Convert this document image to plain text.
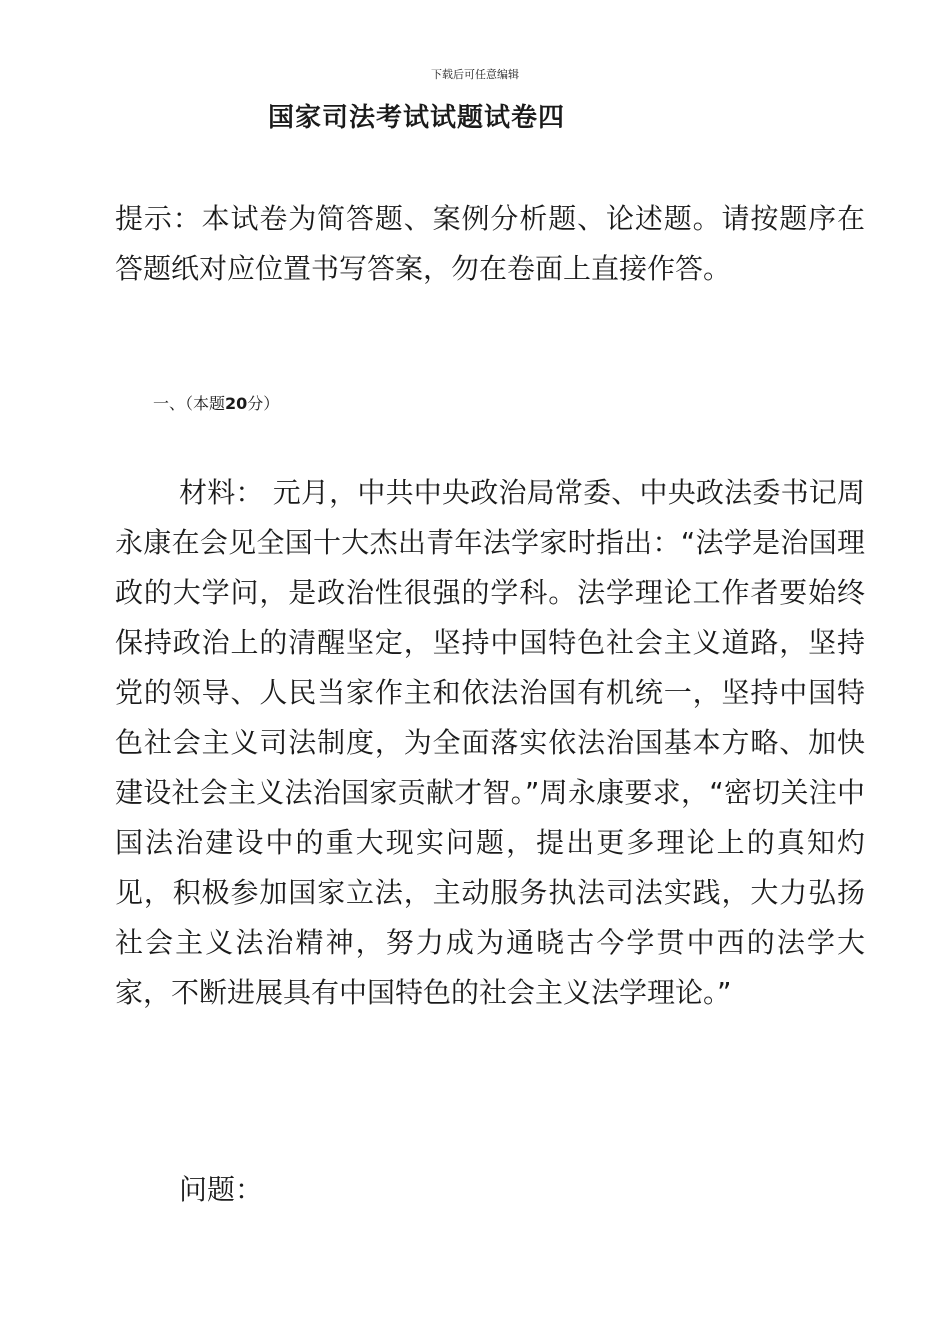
下载后可任意编辑
国家司法考试试题试卷四
提示：本试卷为简答题、案例分析题、论述题。请按题序在答题纸对应位置书写答案，勿在卷面上直接作答。
一、（本题20分）
材料： 元月，中共中央政治局常委、中央政法委书记周永康在会见全国十大杰出青年法学家时指出：“法学是治国理政的大学问，是政治性很强的学科。法学理论工作者要始终保持政治上的清醒坚定，坚持中国特色社会主义道路，坚持党的领导、人民当家作主和依法治国有机统一，坚持中国特色社会主义司法制度，为全面落实依法治国基本方略、加快建设社会主义法治国家贡献才智。”周永康要求，“密切关注中国法治建设中的重大现实问题，提出更多理论上的真知灼见，积极参加国家立法，主动服务执法司法实践，大力弘扬社会主义法治精神，努力成为通晓古今学贯中西的法学大家，不断进展具有中国特色的社会主义法学理论。”
问题：
